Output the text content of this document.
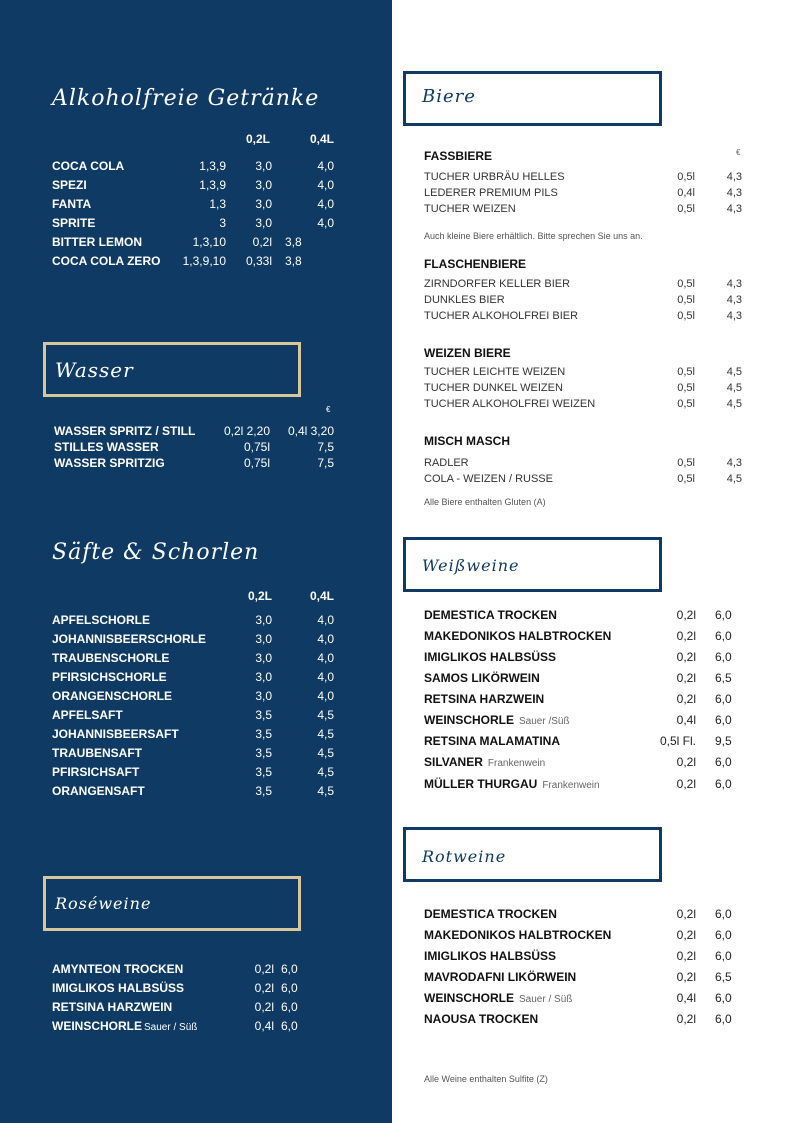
Alkoholfreie Getränke
0,2L	0,4L
COCA COLA	1,3,9	3,0	4,0
SPEZI	1,3,9	3,0	4,0
FANTA	1,3	3,0	4,0
SPRITE	3	3,0	4,0
BITTER LEMON	1,3,10	0,2l 3,8
COCA COLA ZERO	1,3,9,10	0,33l 3,8
Wasser
€
WASSER SPRITZ / STILL	0,2l 2,20	0,4l 3,20
STILLES WASSER	0,75l	7,5
WASSER SPRITZIG	0,75l	7,5
Säfte & Schorlen
0,2L	0,4L
APFELSCHORLE	3,0	4,0
JOHANNISBEERSCHORLE	3,0	4,0
TRAUBENSCHORLE	3,0	4,0
PFIRSICHSCHORLE	3,0	4,0
ORANGENSCHORLE	3,0	4,0
APFELSAFT	3,5	4,5
JOHANNISBEERSAFT	3,5	4,5
TRAUBENSAFT	3,5	4,5
PFIRSICHSAFT	3,5	4,5
ORANGENSAFT	3,5	4,5
Roséweine
AMYNTEON TROCKEN	0,2l 6,0
IMIGLIKOS HALBSÜSS	0,2l 6,0
RETSINA HARZWEIN	0,2l 6,0
WEINSCHORLE Sauer / Süß	0,4l 6,0
Biere
FASSBIERE	€
TUCHER URBRÄU HELLES	0,5l	4,3
LEDERER PREMIUM PILS	0,4l	4,3
TUCHER WEIZEN	0,5l	4,3
Auch kleine Biere erhältlich. Bitte sprechen Sie uns an.
FLASCHENBIERE
ZIRNDORFER KELLER BIER	0,5l	4,3
DUNKLES BIER	0,5l	4,3
TUCHER ALKOHOLFREI BIER	0,5l	4,3
WEIZEN BIERE
TUCHER LEICHTE WEIZEN	0,5l	4,5
TUCHER DUNKEL WEIZEN	0,5l	4,5
TUCHER ALKOHOLFREI WEIZEN	0,5l	4,5
MISCH MASCH
RADLER	0,5l	4,3
COLA - WEIZEN / RUSSE	0,5l	4,5
Alle Biere enthalten Gluten (A)
Weißweine
DEMESTICA TROCKEN	0,2l 6,0
MAKEDONIKOS HALBTROCKEN	0,2l 6,0
IMIGLIKOS HALBSÜSS	0,2l 6,0
SAMOS LIKÖRWEIN	0,2l 6,5
RETSINA HARZWEIN	0,2l 6,0
WEINSCHORLE Sauer /Süß	0,4l 6,0
RETSINA MALAMATINA	0,5l Fl. 9,5
SILVANER Frankenwein	0,2l 6,0
MÜLLER THURGAU Frankenwein	0,2l 6,0
Rotweine
DEMESTICA TROCKEN	0,2l 6,0
MAKEDONIKOS HALBTROCKEN	0,2l 6,0
IMIGLIKOS HALBSÜSS	0,2l 6,0
MAVRODAFNI LIKÖRWEIN	0,2l 6,5
WEINSCHORLE Sauer / Süß	0,4l 6,0
NAOUSA TROCKEN	0,2l 6,0
Alle Weine enthalten Sulfite (Z)
